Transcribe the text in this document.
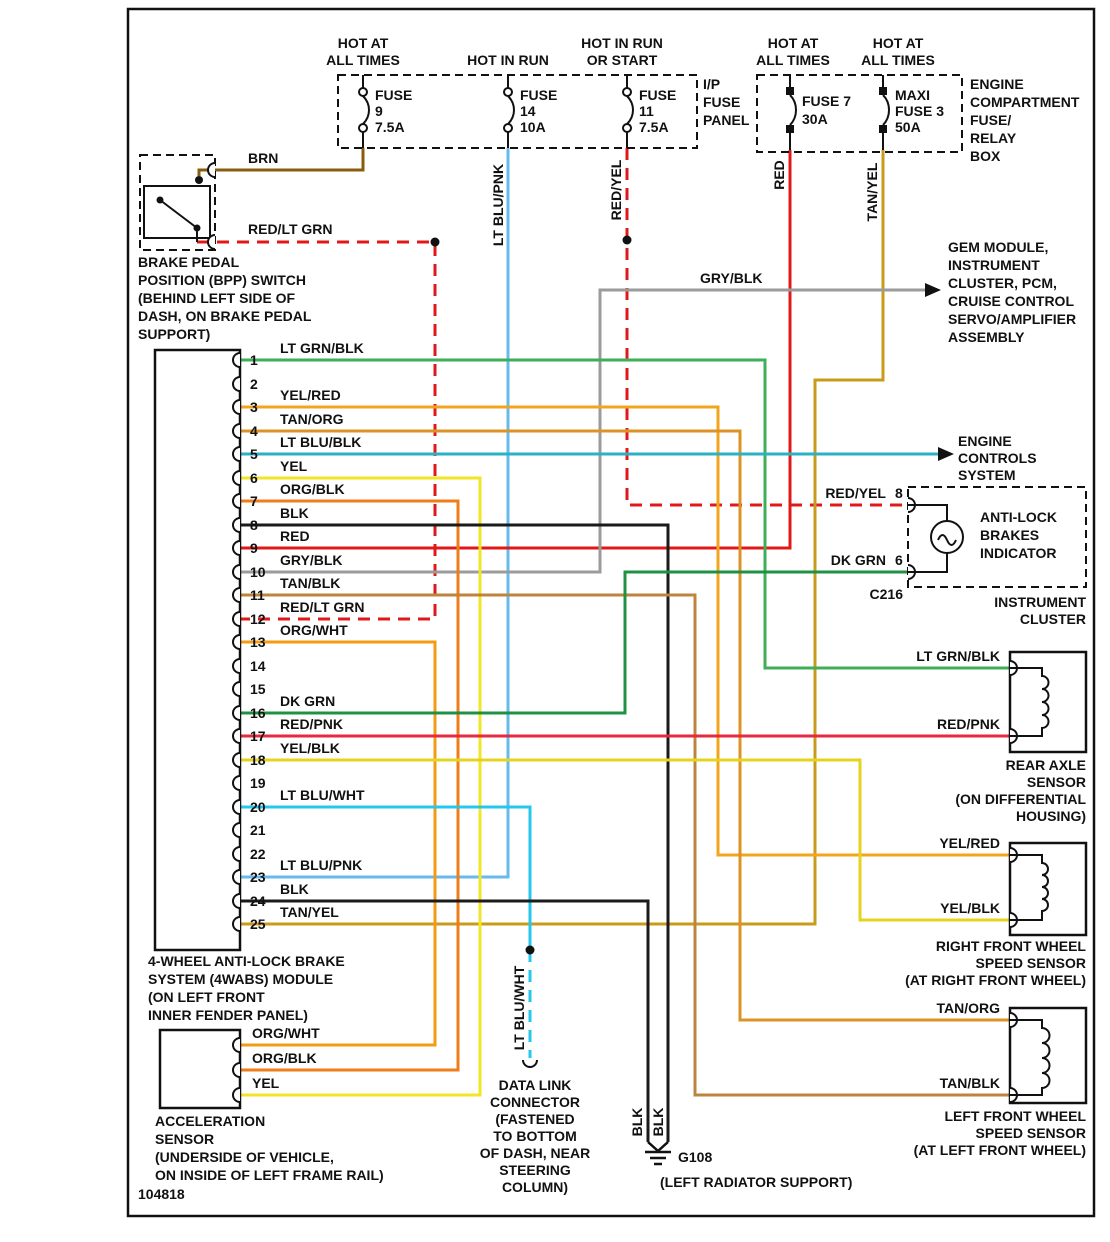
HOT AT
ALL TIMES	HOT IN RUN
HOT IN RUN
OR START
HOT AT
ALL TIMES
HOT AT
ALL TIMES
I/P
FUSE
PANEL
FUSE
9
7.5A
FUSE
14
10A
FUSE
11
7.5A
ENGINE
COMPARTMENT
FUSE/
RELAY
BOX
FUSE 7
30A
MAXI
FUSE 3
50A
BRN
RED/LT GRN
BRAKE PEDAL
POSITION (BPP) SWITCH
(BEHIND LEFT SIDE OF
DASH, ON BRAKE PEDAL
SUPPORT)
GRY/BLK
GEM MODULE,
INSTRUMENT
CLUSTER, PCM,
CRUISE CONTROL
SERVO/AMPLIFIER
ASSEMBLY
ENGINE
CONTROLS
SYSTEM
ANTI-LOCK
BRAKES
INDICATOR
RED/YEL 8
DK GRN 6
C216	INSTRUMENT
CLUSTER
LT BLU/PNK	RED/YEL	RED	TAN/YEL
LT BLU/WHT
BLK BLK
1
2
3
4
5
6
7
8
9
10
11
12
13
14
15
16
17
18
19
20
21
22
23
24
25
LT GRN/BLK
YEL/RED
TAN/ORG
LT BLU/BLK
YEL
ORG/BLK
BLK
RED
GRY/BLK
TAN/BLK
RED/LT GRN
ORG/WHT
DK GRN
RED/PNK
YEL/BLK
LT BLU/WHT
LT BLU/PNK
BLK
TAN/YEL
4-WHEEL ANTI-LOCK BRAKE
SYSTEM (4WABS) MODULE
(ON LEFT FRONT
INNER FENDER PANEL)
LT GRN/BLK
RED/PNK
REAR AXLE
SENSOR
(ON DIFFERENTIAL
HOUSING)
YEL/RED
YEL/BLK
RIGHT FRONT WHEEL
SPEED SENSOR
(AT RIGHT FRONT WHEEL)
TAN/ORG
TAN/BLK
LEFT FRONT WHEEL
SPEED SENSOR
(AT LEFT FRONT WHEEL)
ORG/WHT
ORG/BLK
YEL
ACCELERATION
SENSOR
(UNDERSIDE OF VEHICLE,
ON INSIDE OF LEFT FRAME RAIL)
DATA LINK
CONNECTOR
(FASTENED
TO BOTTOM
OF DASH, NEAR
STEERING
COLUMN)
G108
(LEFT RADIATOR SUPPORT)
104818
